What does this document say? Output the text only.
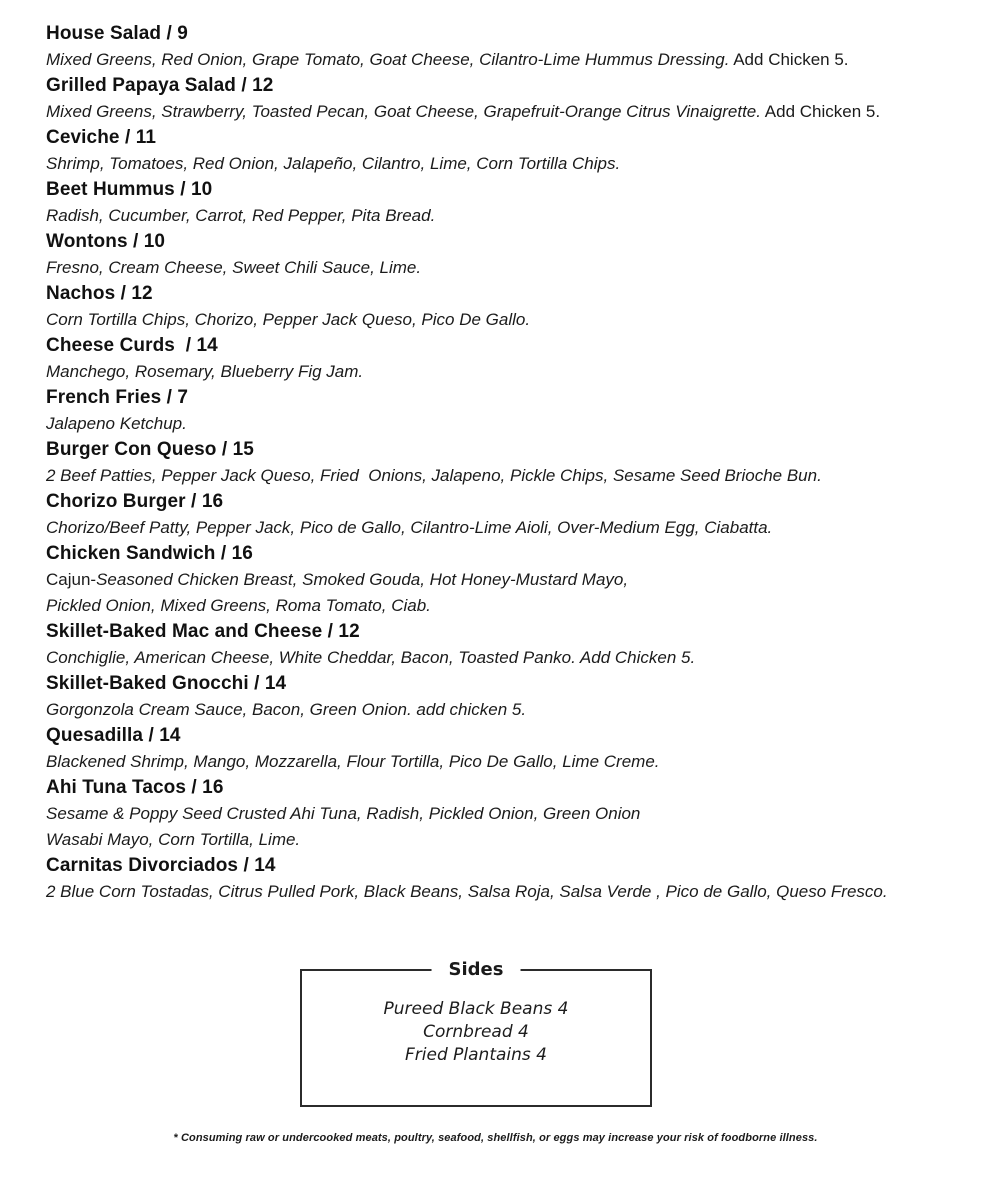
House Salad / 9
Mixed Greens, Red Onion, Grape Tomato, Goat Cheese, Cilantro-Lime Hummus Dressing. Add Chicken 5.
Grilled Papaya Salad / 12
Mixed Greens, Strawberry, Toasted Pecan, Goat Cheese, Grapefruit-Orange Citrus Vinaigrette. Add Chicken 5.
Ceviche / 11
Shrimp, Tomatoes, Red Onion, Jalapeño, Cilantro, Lime, Corn Tortilla Chips.
Beet Hummus / 10
Radish, Cucumber, Carrot, Red Pepper, Pita Bread.
Wontons / 10
Fresno, Cream Cheese, Sweet Chili Sauce, Lime.
Nachos / 12
Corn Tortilla Chips, Chorizo, Pepper Jack Queso, Pico De Gallo.
Cheese Curds  / 14
Manchego, Rosemary, Blueberry Fig Jam.
French Fries / 7
Jalapeno Ketchup.
Burger Con Queso / 15
2 Beef Patties, Pepper Jack Queso, Fried  Onions, Jalapeno, Pickle Chips, Sesame Seed Brioche Bun.
Chorizo Burger / 16
Chorizo/Beef Patty, Pepper Jack, Pico de Gallo, Cilantro-Lime Aioli, Over-Medium Egg, Ciabatta.
Chicken Sandwich / 16
Cajun-Seasoned Chicken Breast, Smoked Gouda, Hot Honey-Mustard Mayo,
Pickled Onion, Mixed Greens, Roma Tomato, Ciab.
Skillet-Baked Mac and Cheese / 12
Conchiglie, American Cheese, White Cheddar, Bacon, Toasted Panko. Add Chicken 5.
Skillet-Baked Gnocchi / 14
Gorgonzola Cream Sauce, Bacon, Green Onion. add chicken 5.
Quesadilla / 14
Blackened Shrimp, Mango, Mozzarella, Flour Tortilla, Pico De Gallo, Lime Creme.
Ahi Tuna Tacos / 16
Sesame & Poppy Seed Crusted Ahi Tuna, Radish, Pickled Onion, Green Onion
Wasabi Mayo, Corn Tortilla, Lime.
Carnitas Divorciados / 14
2 Blue Corn Tostadas, Citrus Pulled Pork, Black Beans, Salsa Roja, Salsa Verde , Pico de Gallo, Queso Fresco.
Sides
Pureed Black Beans 4
Cornbread 4
Fried Plantains 4
* Consuming raw or undercooked meats, poultry, seafood, shellfish, or eggs may increase your risk of foodborne illness.
